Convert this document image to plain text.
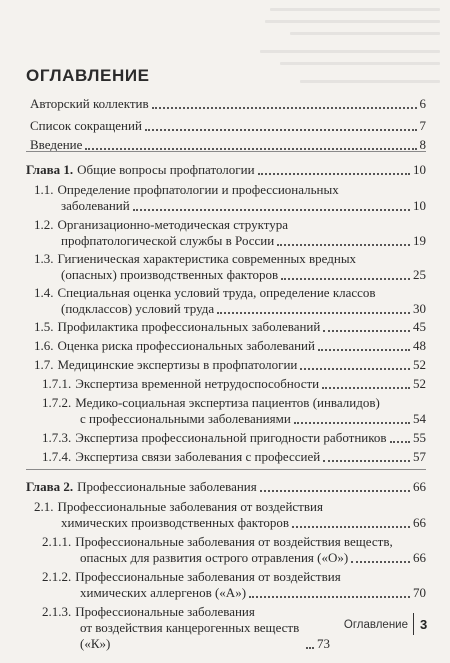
ОГЛАВЛЕНИЕ
Авторский коллектив	6
Список сокращений	7
Введение	8
Глава 1. Общие вопросы профпатологии	10
1.1. Определение профпатологии и профессиональных
заболеваний	10
1.2. Организационно-методическая структура
профпатологической службы в России	19
1.3. Гигиеническая характеристика современных вредных
(опасных) производственных факторов	25
1.4. Специальная оценка условий труда, определение классов
(подклассов) условий труда	30
1.5. Профилактика профессиональных заболеваний	45
1.6. Оценка риска профессиональных заболеваний	48
1.7. Медицинские экспертизы в профпатологии	52
1.7.1. Экспертиза временной нетрудоспособности	52
1.7.2. Медико-социальная экспертиза пациентов (инвалидов)
с профессиональными заболеваниями	54
1.7.3. Экспертиза профессиональной пригодности работников 55
1.7.4. Экспертиза связи заболевания с профессией	57
Глава 2. Профессиональные заболевания	66
2.1. Профессиональные заболевания от воздействия
химических производственных факторов	66
2.1.1. Профессиональные заболевания от воздействия веществ,
опасных для развития острого отравления («О»)	66
2.1.2. Профессиональные заболевания от воздействия
химических аллергенов («А»)	70
2.1.3. Профессиональные заболевания
от воздействия канцерогенных веществ («К»)	73
Оглавление 3
